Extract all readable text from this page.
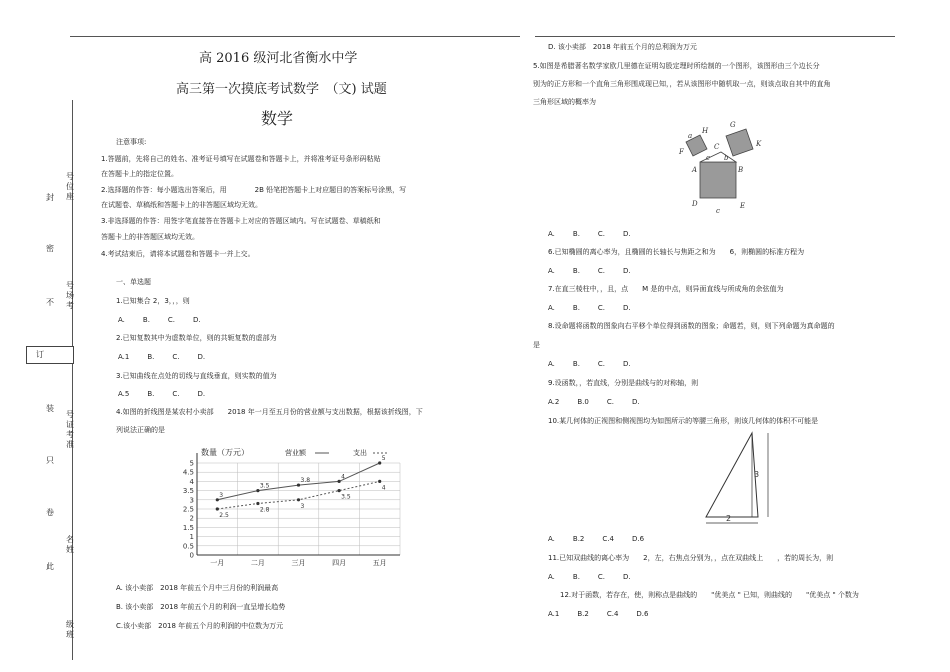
号位座
封
密
号场考
不
订
装
号证考准
只
卷
名姓
此
级班
高 2016 级河北省衡水中学
高三第一次摸底考试数学　（文) 试题
数学
注意事项:
1.答题前，先将自己的姓名、准考证号填写在试题卷和答题卡上，并将准考证号条形码粘贴
在答题卡上的指定位置。
2.选择题的作答：每小题选出答案后，用　　　　2B 铅笔把答题卡上对应题目的答案标号涂黑，写
在试题卷、草稿纸和答题卡上的非答题区域均无效。
3.非选择题的作答：用签字笔直接答在答题卡上对应的答题区域内。写在试题卷、草稿纸和
答题卡上的非答题区域均无效。
4.考试结束后，请将本试题卷和答题卡一并上交。
一、单选题
1.已知集合 2，3，，，则
A.	B.	C.	D.
2.已知复数其中为虚数单位，则的共轭复数的虚部为
A.1	B.	C.	D.
3.已知曲线在点处的切线与直线垂直，则实数的值为
A.5	B.	C.	D.
4.如图的折线图是某农村小卖部　　2018 年一月至五月份的营业额与支出数据，根据该折线图，下
列说法正确的是
0
0.5
1
1.5
2
2.5
3
3.5
4
4.5
5
一月	二月	三月	四月	五月
数量（万元）	营业额	支出
3
3.5
3.8
4
5
2.5
2.8
3
3.5
4
A. 该小卖部　2018 年前五个月中三月份的利润最高
B. 该小卖部　2018 年前五个月的利润一直呈增长趋势
C.该小卖部　2018 年前五个月的利润的中位数为万元
D. 该小卖部　2018 年前五个月的总利润为万元
5.如图是希腊著名数学家欧几里德在证明勾股定理时所绘制的一个图形，该图形由三个边长分
别为的正方形和一个直角三角形围成现已知，，若从该图形中随机取一点，则该点取自其中的直角
三角形区域的概率为
a
H
G
K
F
C
b
c
A	B
D	E
c
A.	B.	C.	D.
6.已知椭圆的离心率为，且椭圆的长轴长与焦距之和为　　6，则椭圆的标准方程为
A.	B.	C.	D.
7.在直三棱柱中，，且，点　　M 是的中点，则异面直线与所成角的余弦值为
A.	B.	C.	D.
8.设命题将函数的图象向右平移个单位得到函数的图象；命题若，则，则下列命题为真命题的
是
A.	B.	C.	D.
9.设函数，，若直线，分别是曲线与的对称轴，则
A.2	B.0	C.	D.
10.某几何体的正视图和侧视图均为如图所示的等腰三角形，则该几何体的体积不可能是
3
2
A.	B.2	C.4	D.6
11.已知双曲线的离心率为　　2，左，右焦点分别为，，点在双曲线上　　，若的周长为，则
A.	B.	C.	D.
12.对于函数，若存在，使，则称点是曲线的　　"优美点 " 已知，则曲线的　　"优美点 " 个数为
A.1	B.2	C.4	D.6
